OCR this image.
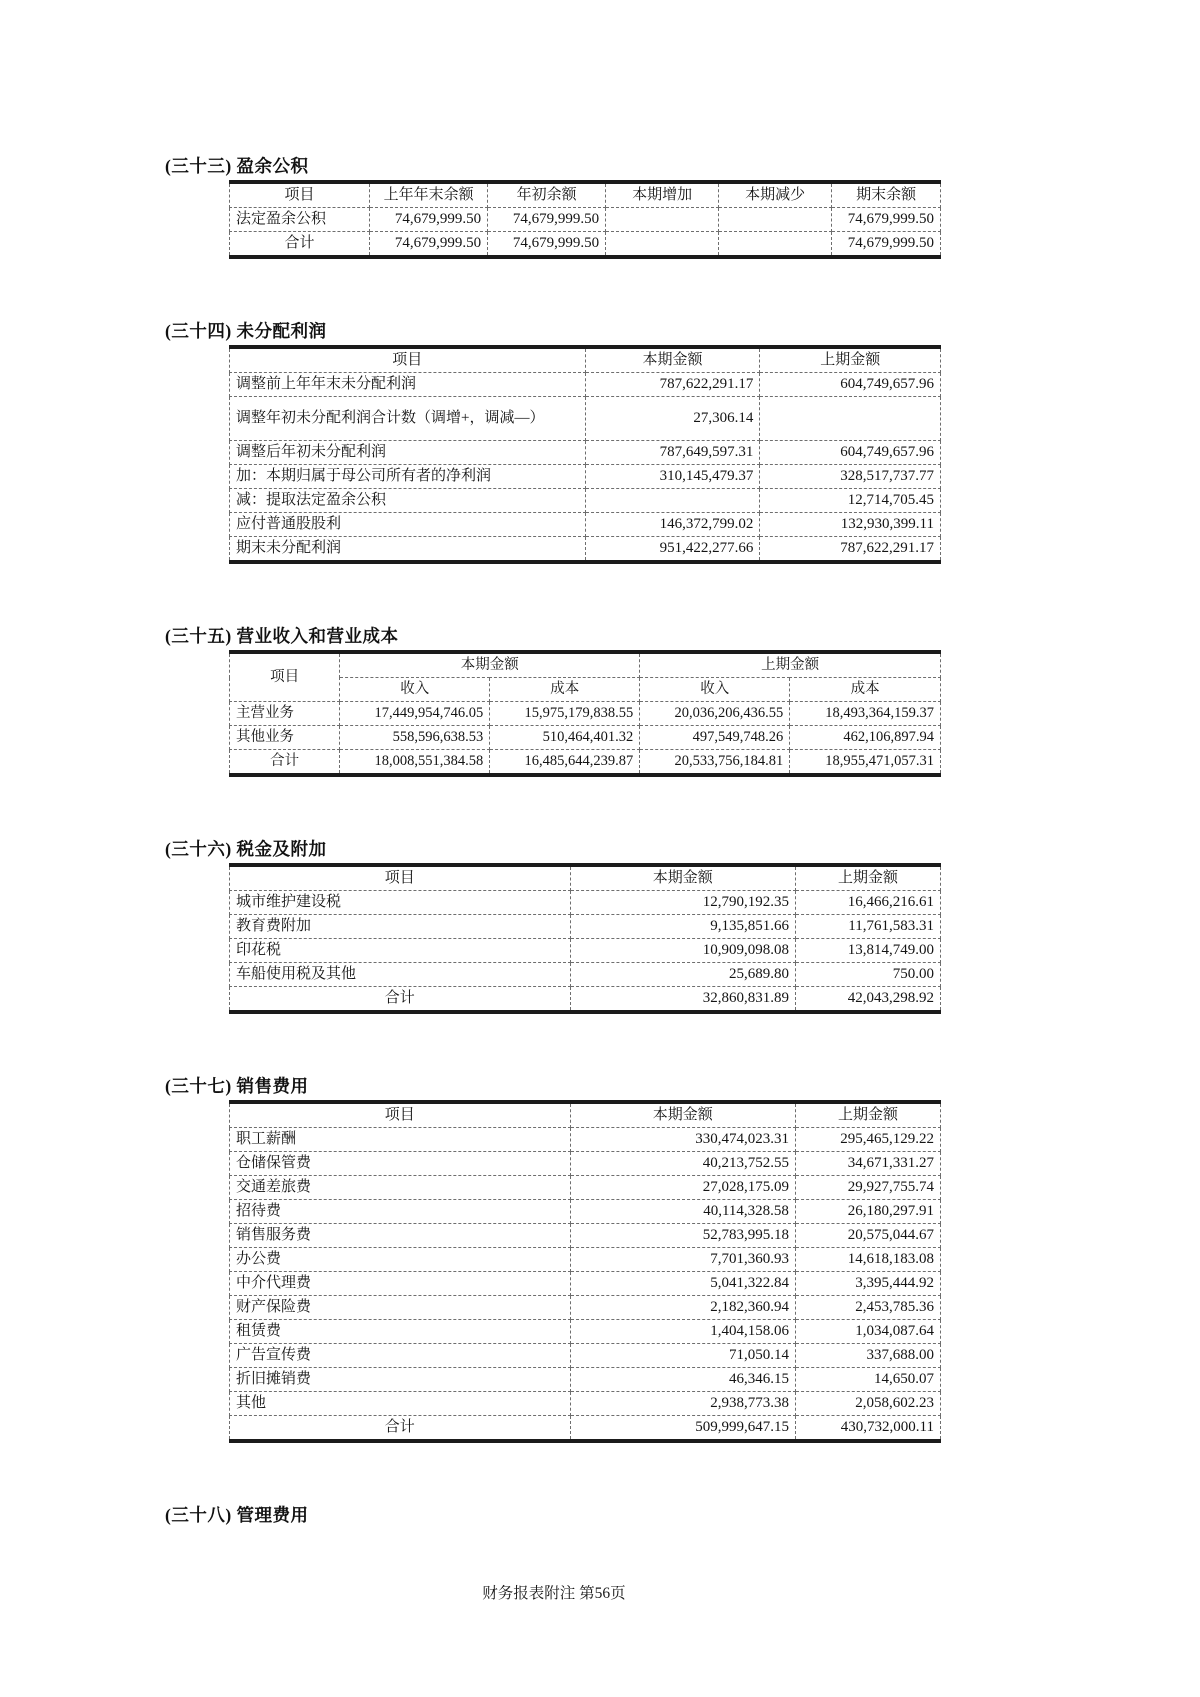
(三十三) 盈余公积
项目	上年年末余额	年初余额	本期增加	本期减少	期末余额
法定盈余公积	74,679,999.50	74,679,999.50			74,679,999.50
合计	74,679,999.50	74,679,999.50			74,679,999.50
(三十四) 未分配利润
项目	本期金额	上期金额
调整前上年年末未分配利润	787,622,291.17	604,749,657.96
调整年初未分配利润合计数（调增+，调减—）	27,306.14	
调整后年初未分配利润	787,649,597.31	604,749,657.96
加：本期归属于母公司所有者的净利润	310,145,479.37	328,517,737.77
减：提取法定盈余公积		12,714,705.45
应付普通股股利	146,372,799.02	132,930,399.11
期末未分配利润	951,422,277.66	787,622,291.17
(三十五) 营业收入和营业成本
项目	本期金额		上期金额	
	收入	成本	收入	成本
主营业务	17,449,954,746.05	15,975,179,838.55	20,036,206,436.55	18,493,364,159.37
其他业务	558,596,638.53	510,464,401.32	497,549,748.26	462,106,897.94
合计	18,008,551,384.58	16,485,644,239.87	20,533,756,184.81	18,955,471,057.31
(三十六) 税金及附加
项目	本期金额	上期金额
城市维护建设税	12,790,192.35	16,466,216.61
教育费附加	9,135,851.66	11,761,583.31
印花税	10,909,098.08	13,814,749.00
车船使用税及其他	25,689.80	750.00
合计	32,860,831.89	42,043,298.92
(三十七) 销售费用
项目	本期金额	上期金额
职工薪酬	330,474,023.31	295,465,129.22
仓储保管费	40,213,752.55	34,671,331.27
交通差旅费	27,028,175.09	29,927,755.74
招待费	40,114,328.58	26,180,297.91
销售服务费	52,783,995.18	20,575,044.67
办公费	7,701,360.93	14,618,183.08
中介代理费	5,041,322.84	3,395,444.92
财产保险费	2,182,360.94	2,453,785.36
租赁费	1,404,158.06	1,034,087.64
广告宣传费	71,050.14	337,688.00
折旧摊销费	46,346.15	14,650.07
其他	2,938,773.38	2,058,602.23
合计	509,999,647.15	430,732,000.11
(三十八) 管理费用
财务报表附注 第56页
